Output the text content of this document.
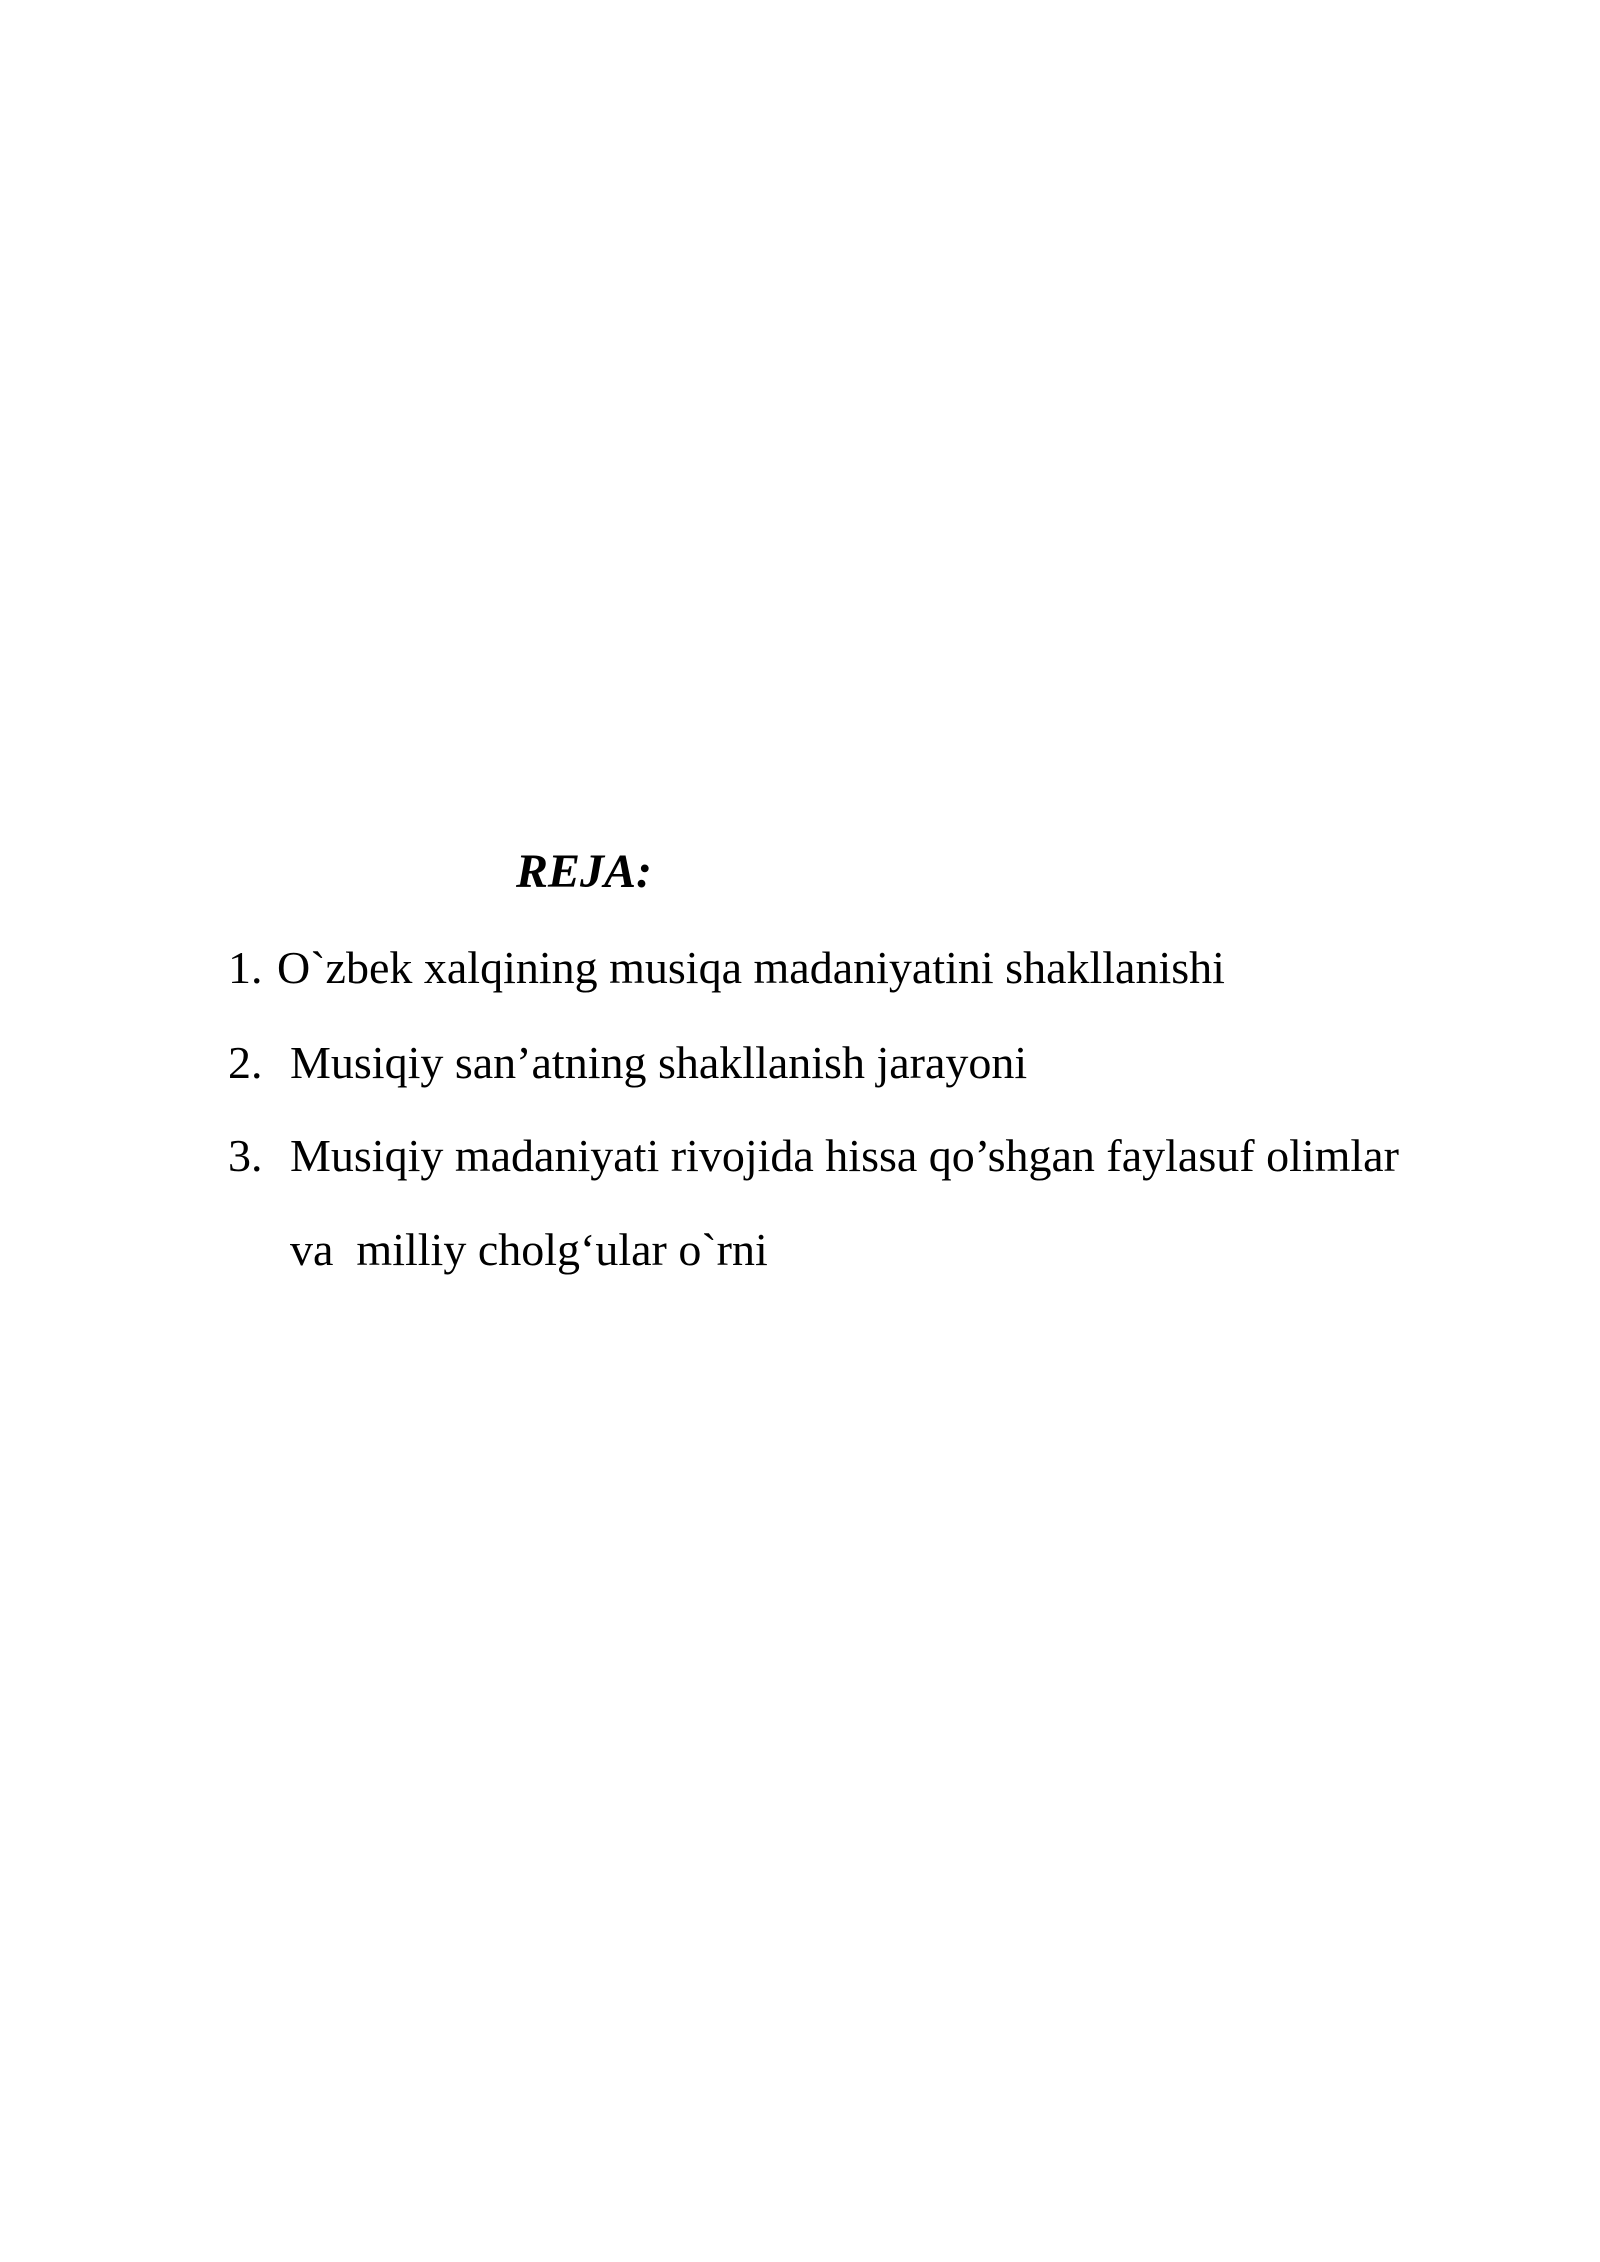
REJA:
1. O`zbek xalqining musiqa madaniyatini shakllanishi
2. Musiqiy san’atning shakllanish jarayoni
3. Musiqiy madaniyati rivojida hissa qo’shgan faylasuf olimlar
va  milliy cholg‘ular o`rni
